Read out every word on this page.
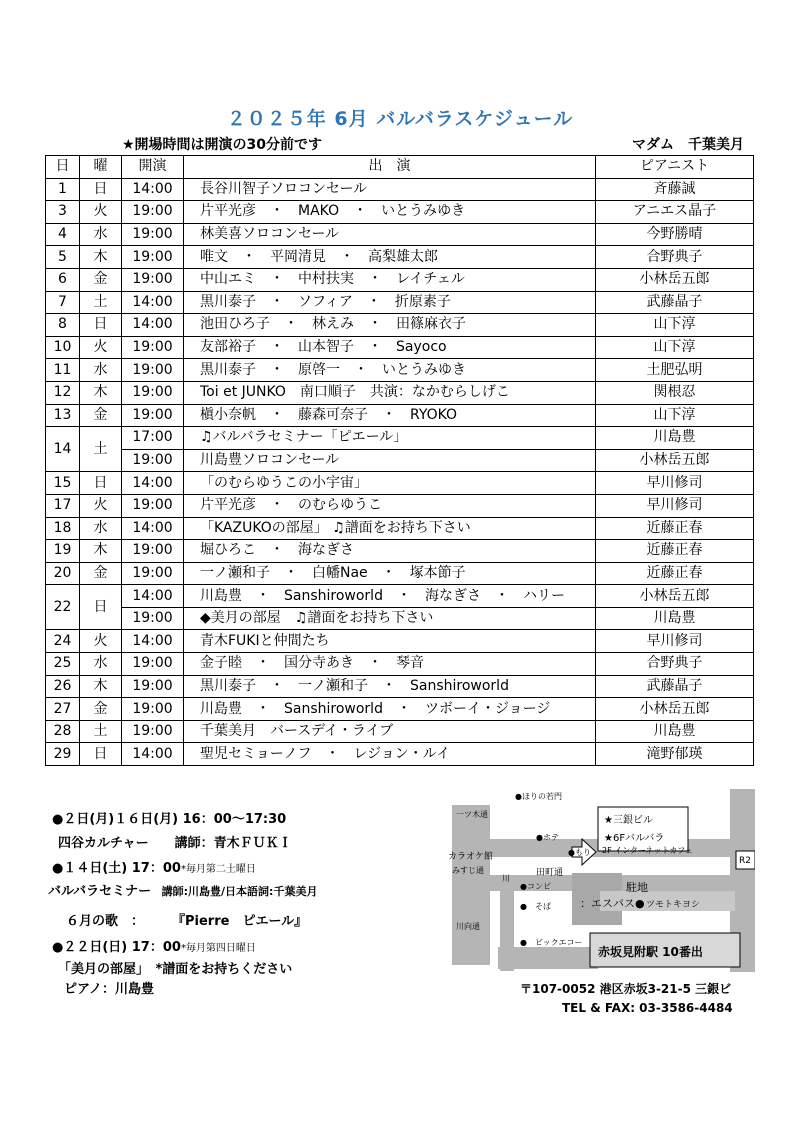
２０２５年 6月 バルバラスケジュール
★開場時間は開演の30分前です	マダム　千葉美月
日	曜	開演	出　演	ピアニスト
1	日	14:00	長谷川智子ソロコンセール	斉藤誠
3	火	19:00	片平光彦　・　MAKO　・　いとうみゆき	アニエス晶子
4	水	19:00	林美喜ソロコンセール	今野勝晴
5	木	19:00	唯文　・　平岡清見　・　高梨雄太郎	合野典子
6	金	19:00	中山エミ　・　中村扶実　・　レイチェル	小林岳五郎
7	土	14:00	黒川泰子　・　ソフィア　・　折原素子	武藤晶子
8	日	14:00	池田ひろ子　・　林えみ　・　田篠麻衣子	山下淳
10	火	19:00	友部裕子　・　山本智子　・　Sayoco	山下淳
11	水	19:00	黒川泰子　・　原啓一　・　いとうみゆき	土肥弘明
12	木	19:00	Toi et JUNKO　南口順子　共演：なかむらしげこ	関根忍
13	金	19:00	槇小奈帆　・　藤森可奈子　・　RYOKO	山下淳
14	土	17:00	♫バルバラセミナー「ピエール」	川島豊
		19:00	川島豊ソロコンセール	小林岳五郎
15	日	14:00	「のむらゆうこの小宇宙」	早川修司
17	火	19:00	片平光彦　・　のむらゆうこ	早川修司
18	水	14:00	「KAZUKOの部屋」 ♫譜面をお持ち下さい	近藤正春
19	木	19:00	堀ひろこ　・　海なぎさ	近藤正春
20	金	19:00	一ノ瀬和子　・　白幡Nae　・　塚本節子	近藤正春
22	日	14:00	川島豊　・　Sanshiroworld　・　海なぎさ　・　ハリー	小林岳五郎
		19:00	◆美月の部屋　♫譜面をお持ち下さい	川島豊
24	火	14:00	青木FUKIと仲間たち	早川修司
25	水	19:00	金子睦　・　国分寺あき　・　琴音	合野典子
26	木	19:00	黒川泰子　・　一ノ瀬和子　・　Sanshiroworld	武藤晶子
27	金	19:00	川島豊　・　Sanshiroworld　・　ツボーイ・ジョージ	小林岳五郎
28	土	19:00	千葉美月　バースデイ・ライブ	川島豊
29	日	14:00	聖児セミョーノフ　・　レジョン・ルイ	滝野郁瑛
●２日(月)１６日(月) 16：00～17:30
四谷カルチャー　　講師：青木ＦＵＫＩ
●１４日(土) 17：00*毎月第二土曜日
バルバラセミナー 講師:川島豊/日本語詞:千葉美月
６月の歌　： 『Pierre　ピエール』
●２２日(日) 17：00*毎月第四日曜日
「美月の部屋」　*譜面をお持ちください
ピアノ：川島豊
●ほりの若門
一ツ木通
★三銀ビル
★6Fバルバラ
2F インターネットカフェ
カラオケ館
みすじ通
●ホテ
●もり
田町通
R2
●コンビ
●　そば
駐地
：エスパス● ツモトキヨシ
川
川向通
●　ビックエコー
赤坂見附駅 10番出
〒107-0052 港区赤坂3-21-5 三銀ビ
TEL & FAX: 03-3586-4484
